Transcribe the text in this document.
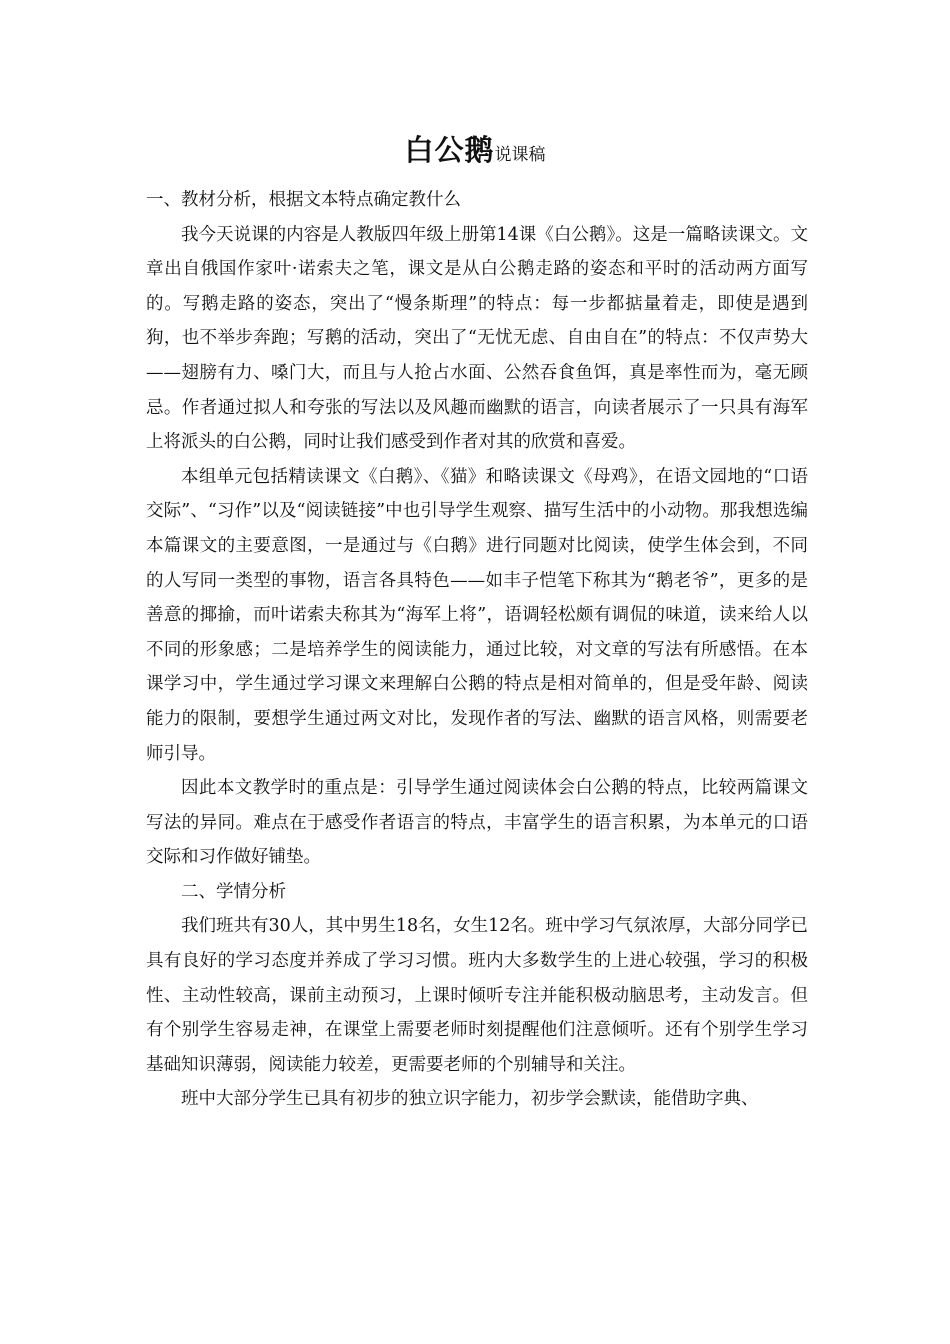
白公鹅说课稿

一、教材分析，根据文本特点确定教什么

我今天说课的内容是人教版四年级上册第14课《白公鹅》。这是一篇略读课文。文章出自俄国作家叶·诺索夫之笔，课文是从白公鹅走路的姿态和平时的活动两方面写的。写鹅走路的姿态，突出了“慢条斯理”的特点：每一步都掂量着走，即使是遇到狗，也不举步奔跑；写鹅的活动，突出了“无忧无虑、自由自在”的特点：不仅声势大——翅膀有力、嗓门大，而且与人抢占水面、公然吞食鱼饵，真是率性而为，毫无顾忌。作者通过拟人和夸张的写法以及风趣而幽默的语言，向读者展示了一只具有海军上将派头的白公鹅，同时让我们感受到作者对其的欣赏和喜爱。

本组单元包括精读课文《白鹅》、《猫》和略读课文《母鸡》，在语文园地的“口语交际”、“习作”以及“阅读链接”中也引导学生观察、描写生活中的小动物。那我想选编本篇课文的主要意图，一是通过与《白鹅》进行同题对比阅读，使学生体会到，不同的人写同一类型的事物，语言各具特色——如丰子恺笔下称其为“鹅老爷”，更多的是善意的揶揄，而叶诺索夫称其为“海军上将”，语调轻松颇有调侃的味道，读来给人以不同的形象感；二是培养学生的阅读能力，通过比较，对文章的写法有所感悟。在本课学习中，学生通过学习课文来理解白公鹅的特点是相对简单的，但是受年龄、阅读能力的限制，要想学生通过两文对比，发现作者的写法、幽默的语言风格，则需要老师引导。

因此本文教学时的重点是：引导学生通过阅读体会白公鹅的特点，比较两篇课文写法的异同。难点在于感受作者语言的特点，丰富学生的语言积累，为本单元的口语交际和习作做好铺垫。

二、学情分析

我们班共有30人，其中男生18名，女生12名。班中学习气氛浓厚，大部分同学已具有良好的学习态度并养成了学习习惯。班内大多数学生的上进心较强，学习的积极性、主动性较高，课前主动预习，上课时倾听专注并能积极动脑思考，主动发言。但有个别学生容易走神，在课堂上需要老师时刻提醒他们注意倾听。还有个别学生学习基础知识薄弱，阅读能力较差，更需要老师的个别辅导和关注。

班中大部分学生已具有初步的独立识字能力，初步学会默读，能借助字典、
